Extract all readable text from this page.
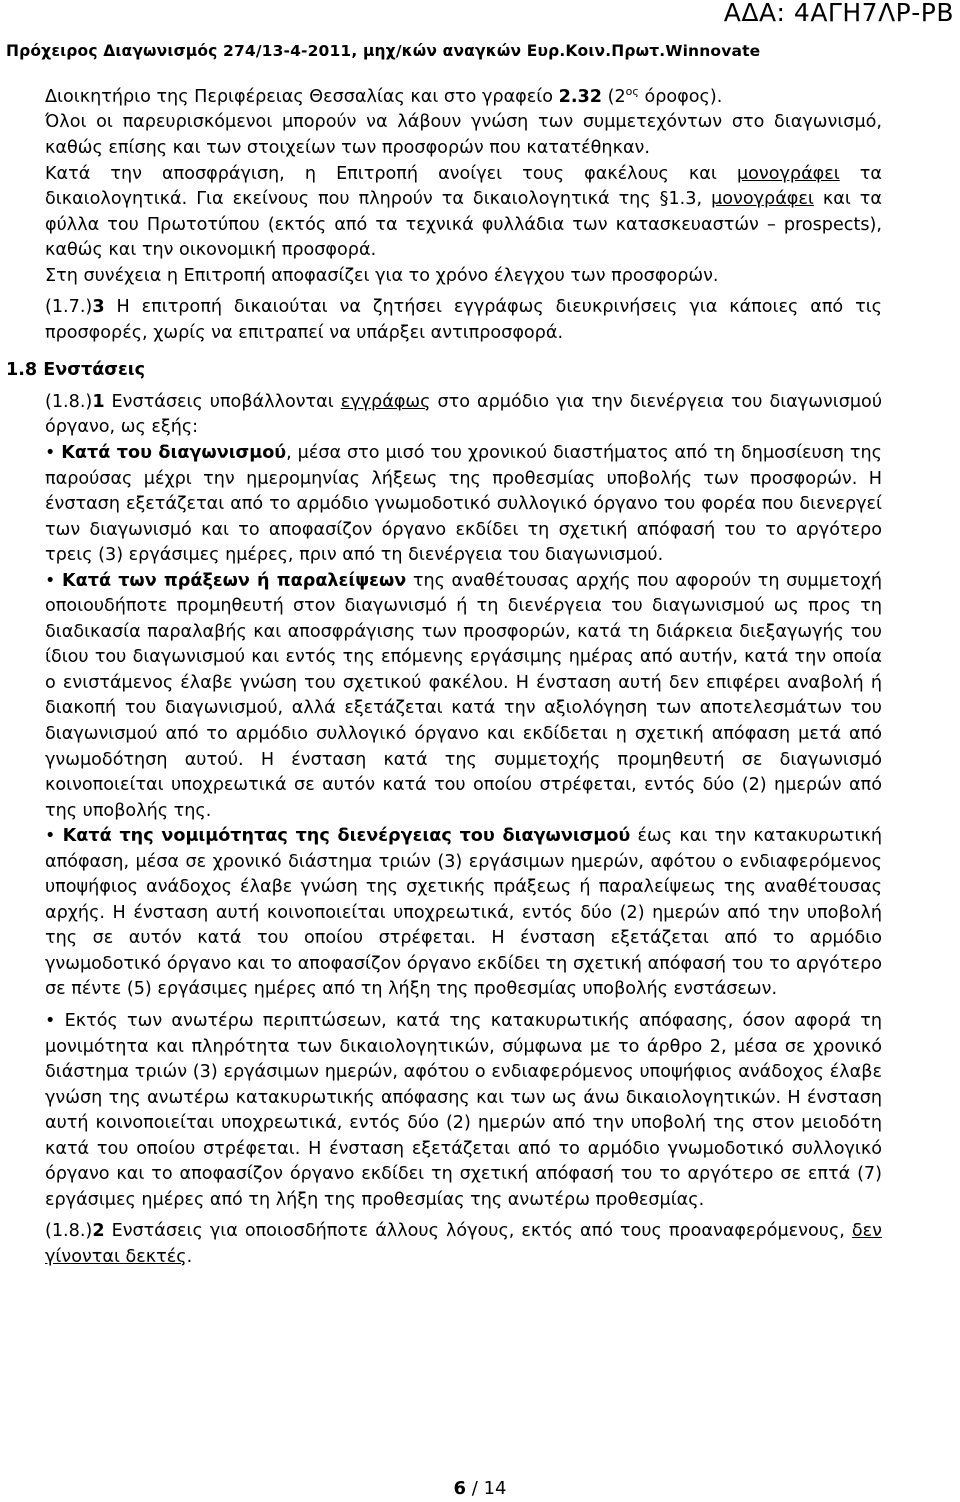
ΑΔΑ: 4ΑΓΗ7ΛΡ-ΡΒ
Πρόχειρος Διαγωνισμός 274/13-4-2011, μηχ/κών αναγκών Ευρ.Κοιν.Πρωτ.Winnovate

Διοικητήριο της Περιφέρειας Θεσσαλίας και στο γραφείο 2.32 ($2^{o\varsigma}$ όροφος).

Όλοι οι παρευρισκόμενοι μπορούν να λάβουν γνώση των συμμετεχόντων στο διαγωνισμό, καθώς επίσης και των στοιχείων των προσφορών που κατατέθηκαν.

Κατά την αποσφράγιση, η Επιτροπή ανοίγει τους φακέλους και μονογράφει τα δικαιολογητικά. Για εκείνους που πληρούν τα δικαιολογητικά της §1.3, μονογράφει και τα φύλλα του Πρωτοτύπου (εκτός από τα τεχνικά φυλλάδια των κατασκευαστών – prospects), καθώς και την οικονομική προσφορά.

Στη συνέχεια η Επιτροπή αποφασίζει για το χρόνο έλεγχου των προσφορών.

(1.7.)3 Η επιτροπή δικαιούται να ζητήσει εγγράφως διευκρινήσεις για κάποιες από τις προσφορές, χωρίς να επιτραπεί να υπάρξει αντιπροσφορά.

1.8 Ενστάσεις

(1.8.)1 Ενστάσεις υποβάλλονται εγγράφως στο αρμόδιο για την διενέργεια του διαγωνισμού όργανο, ως εξής:

• Κατά του διαγωνισμού, μέσα στο μισό του χρονικού διαστήματος από τη δημοσίευση της παρούσας μέχρι την ημερομηνίας λήξεως της προθεσμίας υποβολής των προσφορών. Η ένσταση εξετάζεται από το αρμόδιο γνωμοδοτικό συλλογικό όργανο του φορέα που διενεργεί των διαγωνισμό και το αποφασίζον όργανο εκδίδει τη σχετική απόφασή του το αργότερο τρεις (3) εργάσιμες ημέρες, πριν από τη διενέργεια του διαγωνισμού.

• Κατά των πράξεων ή παραλείψεων της αναθέτουσας αρχής που αφορούν τη συμμετοχή οποιουδήποτε προμηθευτή στον διαγωνισμό ή τη διενέργεια του διαγωνισμού ως προς τη διαδικασία παραλαβής και αποσφράγισης των προσφορών, κατά τη διάρκεια διεξαγωγής του ίδιου του διαγωνισμού και εντός της επόμενης εργάσιμης ημέρας από αυτήν, κατά την οποία ο ενιστάμενος έλαβε γνώση του σχετικού φακέλου. Η ένσταση αυτή δεν επιφέρει αναβολή ή διακοπή του διαγωνισμού, αλλά εξετάζεται κατά την αξιολόγηση των αποτελεσμάτων του διαγωνισμού από το αρμόδιο συλλογικό όργανο και εκδίδεται η σχετική απόφαση μετά από γνωμοδότηση αυτού. Η ένσταση κατά της συμμετοχής προμηθευτή σε διαγωνισμό κοινοποιείται υποχρεωτικά σε αυτόν κατά του οποίου στρέφεται, εντός δύο (2) ημερών από της υποβολής της.

• Κατά της νομιμότητας της διενέργειας του διαγωνισμού έως και την κατακυρωτική απόφαση, μέσα σε χρονικό διάστημα τριών (3) εργάσιμων ημερών, αφότου ο ενδιαφερόμενος υποψήφιος ανάδοχος έλαβε γνώση της σχετικής πράξεως ή παραλείψεως της αναθέτουσας αρχής. Η ένσταση αυτή κοινοποιείται υποχρεωτικά, εντός δύο (2) ημερών από την υποβολή της σε αυτόν κατά του οποίου στρέφεται. Η ένσταση εξετάζεται από το αρμόδιο γνωμοδοτικό όργανο και το αποφασίζον όργανο εκδίδει τη σχετική απόφασή του το αργότερο σε πέντε (5) εργάσιμες ημέρες από τη λήξη της προθεσμίας υποβολής ενστάσεων.

• Εκτός των ανωτέρω περιπτώσεων, κατά της κατακυρωτικής απόφασης, όσον αφορά τη μονιμότητα και πληρότητα των δικαιολογητικών, σύμφωνα με το άρθρο 2, μέσα σε χρονικό διάστημα τριών (3) εργάσιμων ημερών, αφότου ο ενδιαφερόμενος υποψήφιος ανάδοχος έλαβε γνώση της ανωτέρω κατακυρωτικής απόφασης και των ως άνω δικαιολογητικών. Η ένσταση αυτή κοινοποιείται υποχρεωτικά, εντός δύο (2) ημερών από την υποβολή της στον μειοδότη κατά του οποίου στρέφεται. Η ένσταση εξετάζεται από το αρμόδιο γνωμοδοτικό συλλογικό όργανο και το αποφασίζον όργανο εκδίδει τη σχετική απόφασή του το αργότερο σε επτά (7) εργάσιμες ημέρες από τη λήξη της προθεσμίας της ανωτέρω προθεσμίας.

(1.8.)2 Ενστάσεις για οποιοσδήποτε άλλους λόγους, εκτός από τους προαναφερόμενους, δεν γίνονται δεκτές.

6 / 14
